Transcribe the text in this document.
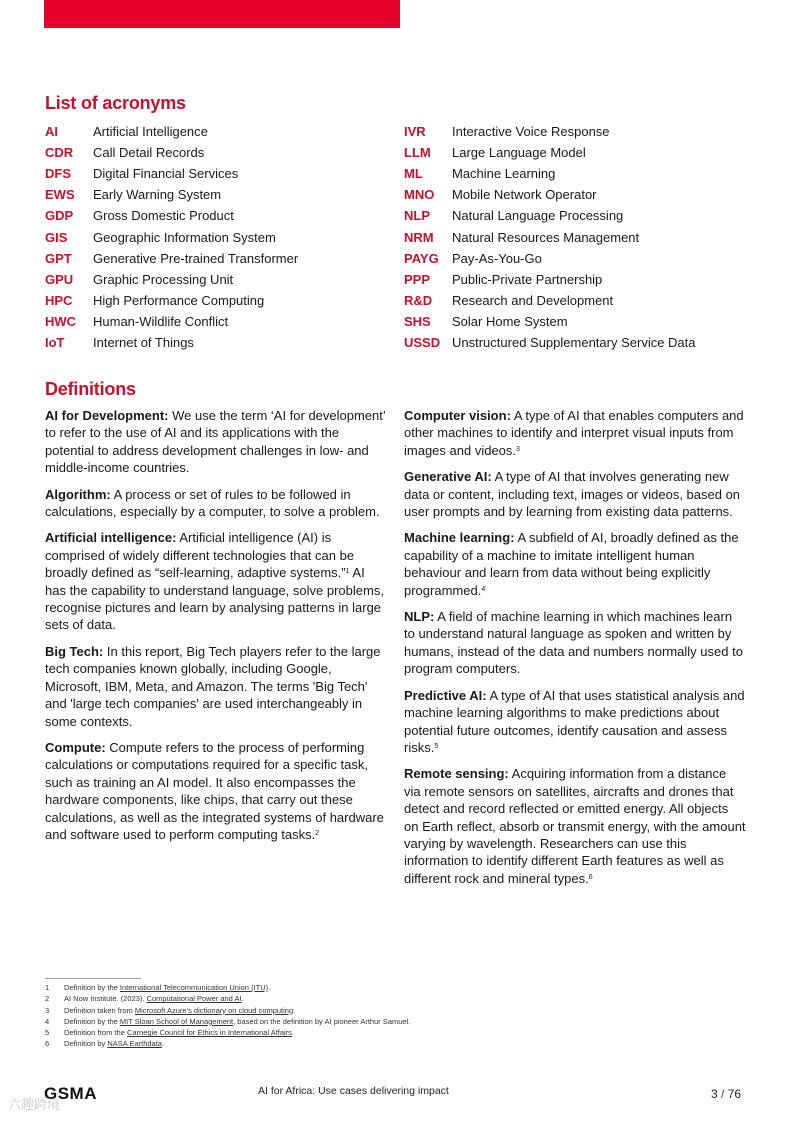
List of acronyms
AI	Artificial Intelligence
CDR	Call Detail Records
DFS	Digital Financial Services
EWS	Early Warning System
GDP	Gross Domestic Product
GIS	Geographic Information System
GPT	Generative Pre-trained Transformer
GPU	Graphic Processing Unit
HPC	High Performance Computing
HWC	Human-Wildlife Conflict
IoT	Internet of Things
IVR	Interactive Voice Response
LLM	Large Language Model
ML	Machine Learning
MNO	Mobile Network Operator
NLP	Natural Language Processing
NRM	Natural Resources Management
PAYG	Pay-As-You-Go
PPP	Public-Private Partnership
R&D	Research and Development
SHS	Solar Home System
USSD Unstructured Supplementary Service Data
Definitions

AI for Development: We use the term ‘AI for development’ to refer to the use of AI and its applications with the potential to address development challenges in low- and middle-income countries.

Algorithm: A process or set of rules to be followed in calculations, especially by a computer, to solve a problem.

Artificial intelligence: Artificial intelligence (AI) is comprised of widely different technologies that can be broadly defined as “self-learning, adaptive systems.”$^1$ AI has the capability to understand language, solve problems, recognise pictures and learn by analysing patterns in large sets of data.

Big Tech: In this report, Big Tech players refer to the large tech companies known globally, including Google, Microsoft, IBM, Meta, and Amazon. The terms 'Big Tech' and 'large tech companies' are used interchangeably in some contexts.

Compute: Compute refers to the process of performing calculations or computations required for a specific task, such as training an AI model. It also encompasses the hardware components, like chips, that carry out these calculations, as well as the integrated systems of hardware and software used to perform computing tasks.$^2$

Computer vision: A type of AI that enables computers and other machines to identify and interpret visual inputs from images and videos.$^3$

Generative AI: A type of AI that involves generating new data or content, including text, images or videos, based on user prompts and by learning from existing data patterns.

Machine learning: A subfield of AI, broadly defined as the capability of a machine to imitate intelligent human behaviour and learn from data without being explicitly programmed.$^4$

NLP: A field of machine learning in which machines learn to understand natural language as spoken and written by humans, instead of the data and numbers normally used to program computers.

Predictive AI: A type of AI that uses statistical analysis and machine learning algorithms to make predictions about potential future outcomes, identify causation and assess risks.$^5$

Remote sensing: Acquiring information from a distance via remote sensors on satellites, aircrafts and drones that detect and record reflected or emitted energy. All objects on Earth reflect, absorb or transmit energy, with the amount varying by wavelength. Researchers can use this information to identify different Earth features as well as different rock and mineral types.$^6$

1	Definition by the International Telecommunication Union (ITU).
2	AI Now Institute. (2023). Computational Power and AI.
3	Definition taken from Microsoft Azure’s dictionary on cloud computing.
4	Definition by the MIT Sloan School of Management, based on the definition by AI pioneer Arthur Samuel.
5	Definition from the Carnegie Council for Ethics in International Affairs.
6	Definition by NASA Earthdata.
GSMA	AI for Africa: Use cases delivering impact	3 / 76
六趣跨境
